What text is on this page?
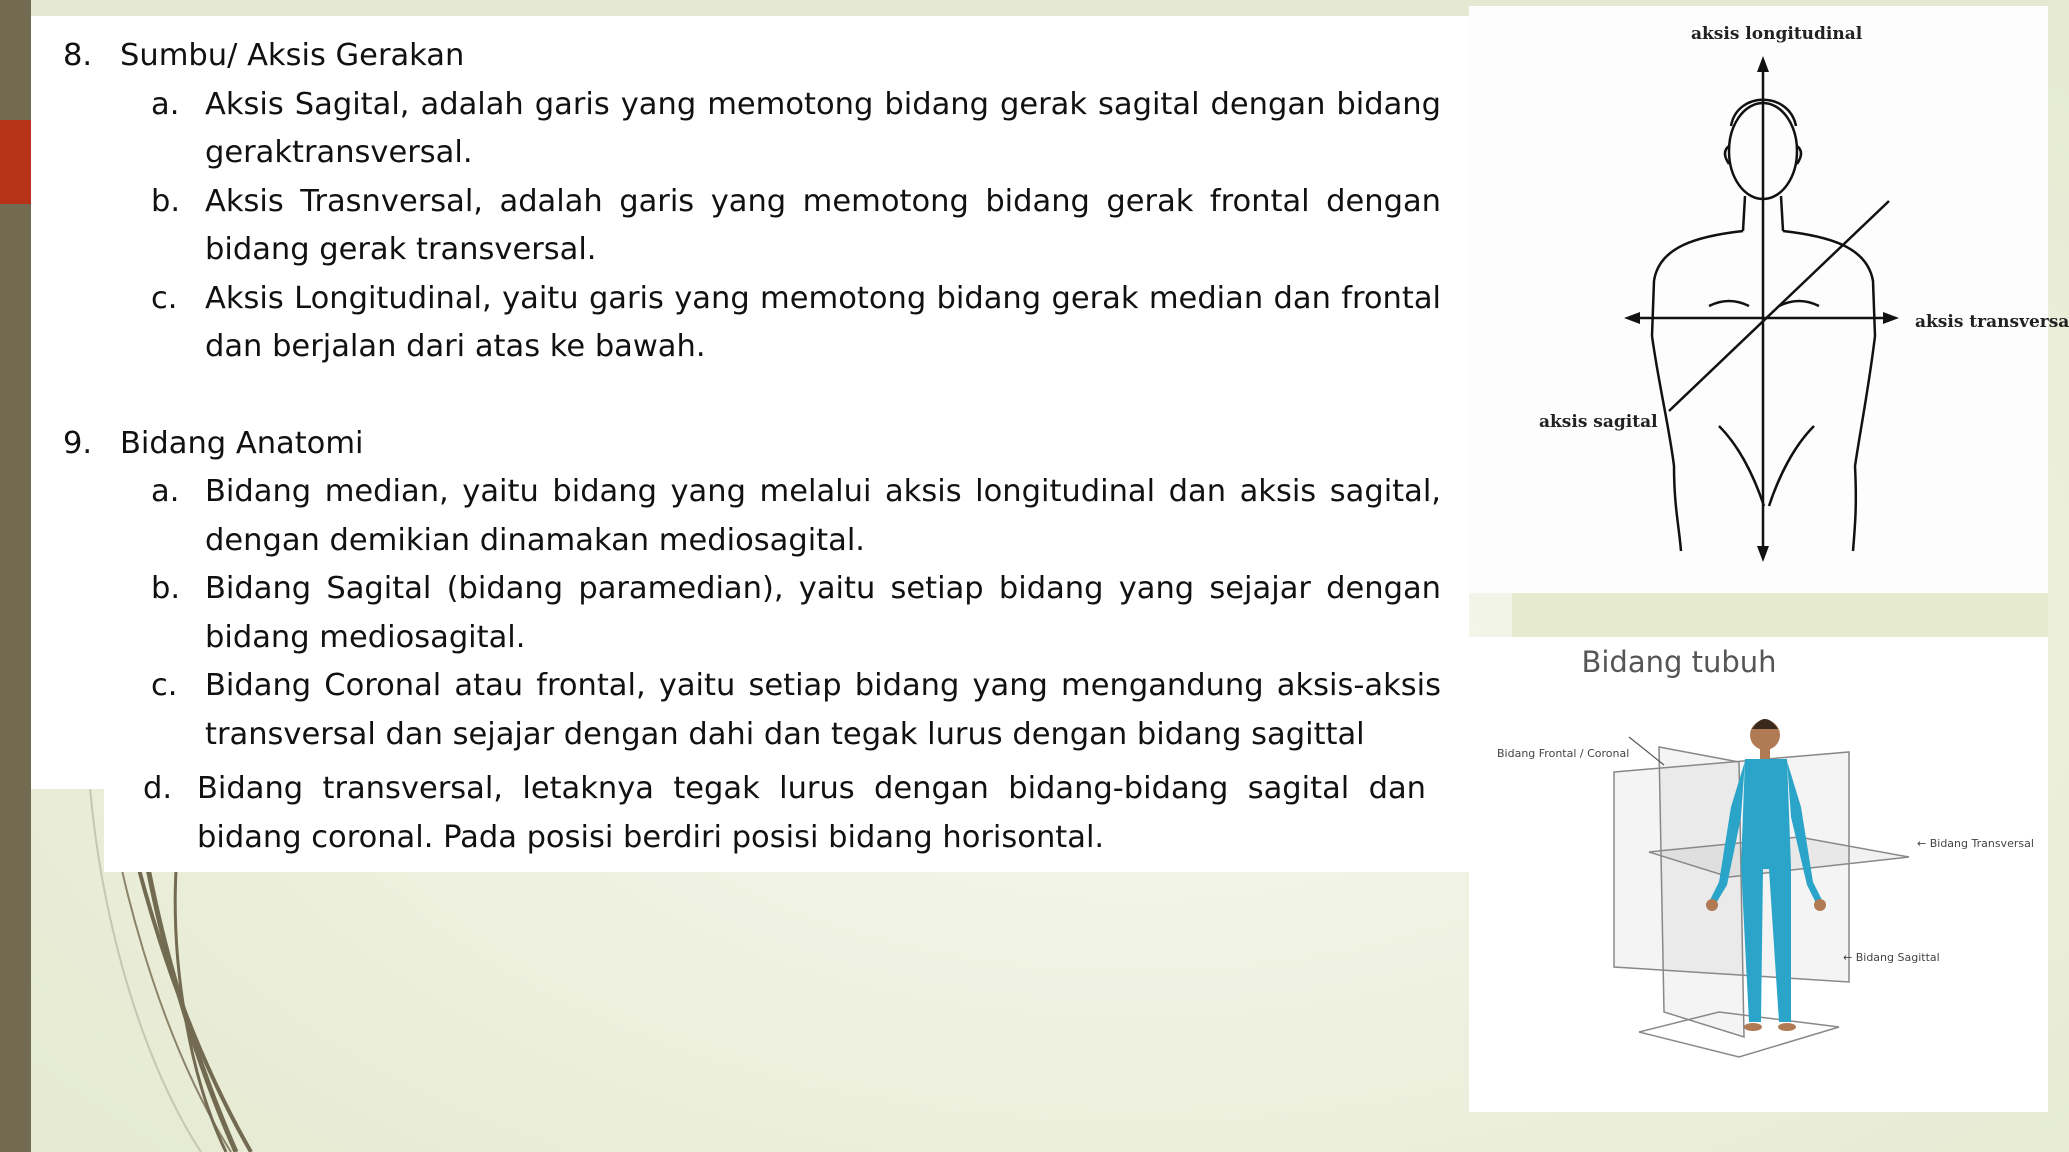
8. Sumbu/ Aksis Gerakan
a. Aksis Sagital, adalah garis yang memotong bidang gerak sagital dengan bidang geraktransversal.
b. Aksis Trasnversal, adalah garis yang memotong bidang gerak frontal dengan bidang gerak transversal.
c. Aksis Longitudinal, yaitu garis yang memotong bidang gerak median dan frontal dan berjalan dari atas ke bawah.
9. Bidang Anatomi
a. Bidang median, yaitu bidang yang melalui aksis longitudinal dan aksis sagital, dengan demikian dinamakan mediosagital.
b. Bidang Sagital (bidang paramedian), yaitu setiap bidang yang sejajar dengan bidang mediosagital.
c. Bidang Coronal atau frontal, yaitu setiap bidang yang mengandung aksis-aksis transversal dan sejajar dengan dahi dan tegak lurus dengan bidang sagittal
d. Bidang transversal, letaknya tegak lurus dengan bidang-bidang sagital dan bidang coronal. Pada posisi berdiri posisi bidang horisontal.
aksis longitudinal
aksis transversa
aksis sagital
Bidang tubuh
Bidang Frontal / Coronal
← Bidang Transversal
← Bidang Sagittal
